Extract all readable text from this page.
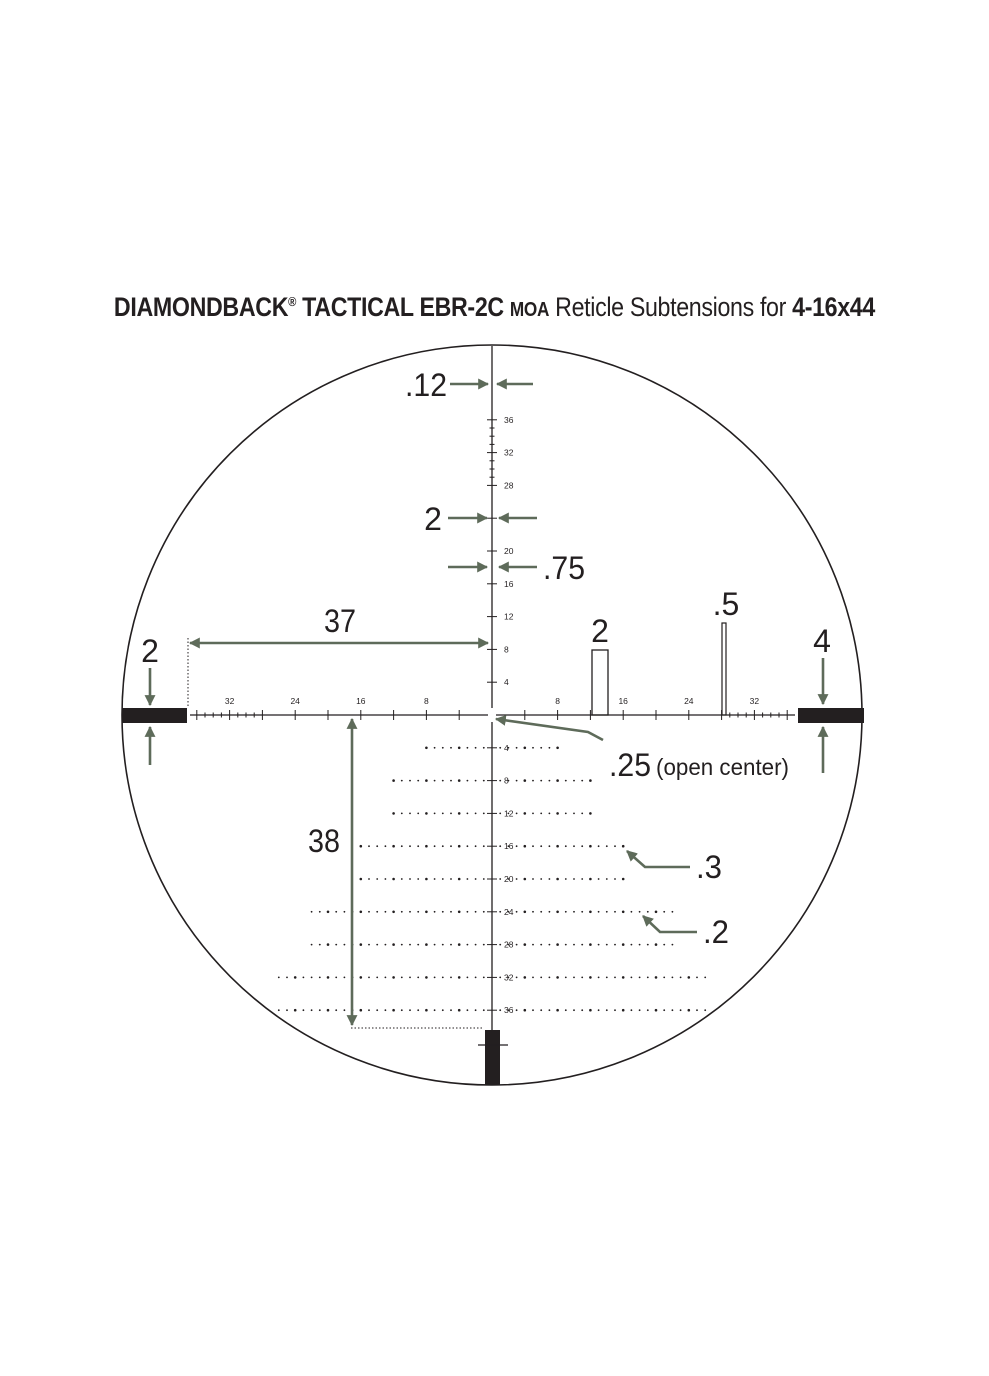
DIAMONDBACK® TACTICAL EBR-2C MOA Reticle Subtensions for 4-16x44
32	24	16	8	8	16	24	32
36
32
28
20
16
12
8
4
4
8
12
16
20
24
28
32
36
.12
2
.75
37
2
2
.5
4
.25 (open center)
38
.3
.2
